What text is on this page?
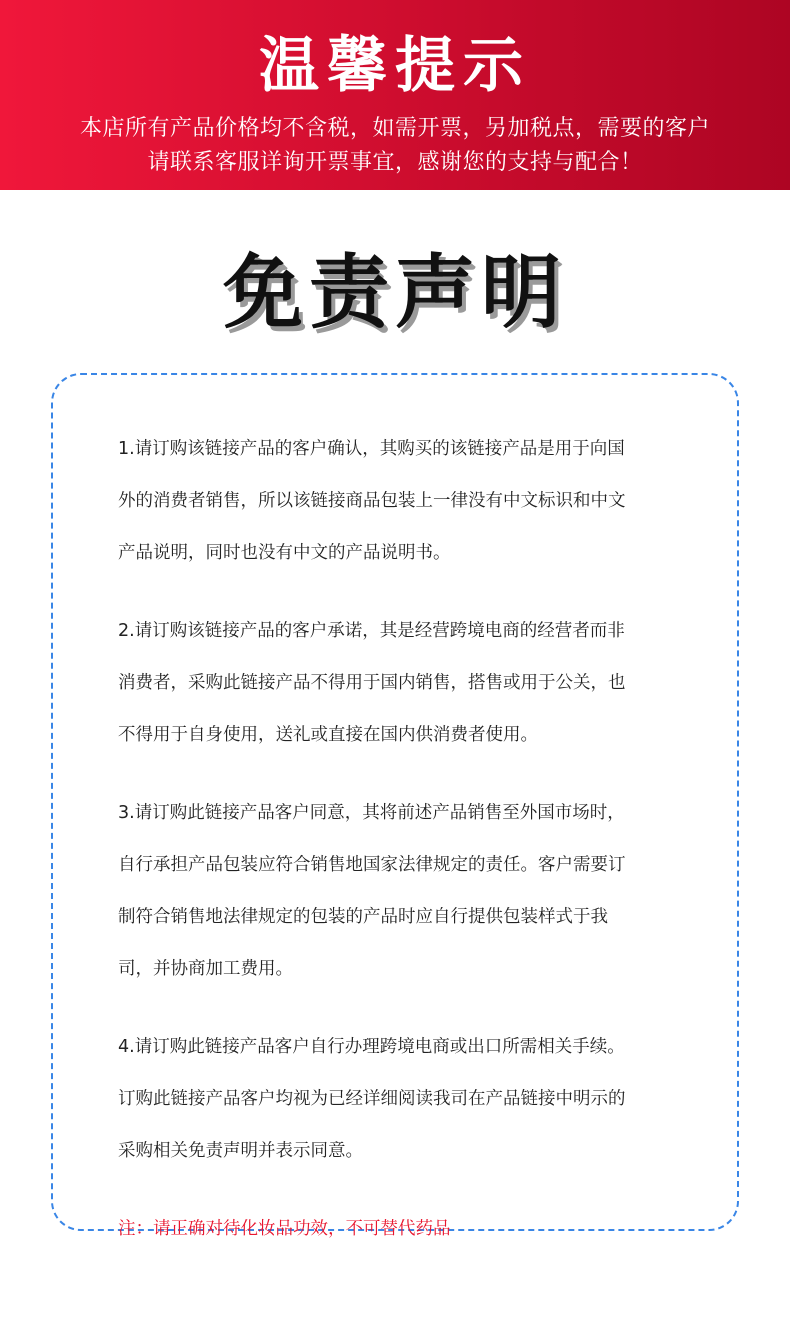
温馨提示
本店所有产品价格均不含税，如需开票，另加税点，需要的客户
请联系客服详询开票事宜，感谢您的支持与配合！
免责声明
1.请订购该链接产品的客户确认，其购买的该链接产品是用于向国
外的消费者销售，所以该链接商品包装上一律没有中文标识和中文
产品说明，同时也没有中文的产品说明书。
2.请订购该链接产品的客户承诺，其是经营跨境电商的经营者而非
消费者，采购此链接产品不得用于国内销售，搭售或用于公关，也
不得用于自身使用，送礼或直接在国内供消费者使用。
3.请订购此链接产品客户同意，其将前述产品销售至外国市场时，
自行承担产品包装应符合销售地国家法律规定的责任。客户需要订
制符合销售地法律规定的包装的产品时应自行提供包装样式于我
司，并协商加工费用。
4.请订购此链接产品客户自行办理跨境电商或出口所需相关手续。
订购此链接产品客户均视为已经详细阅读我司在产品链接中明示的
采购相关免责声明并表示同意。
注：请正确对待化妆品功效，不可替代药品
